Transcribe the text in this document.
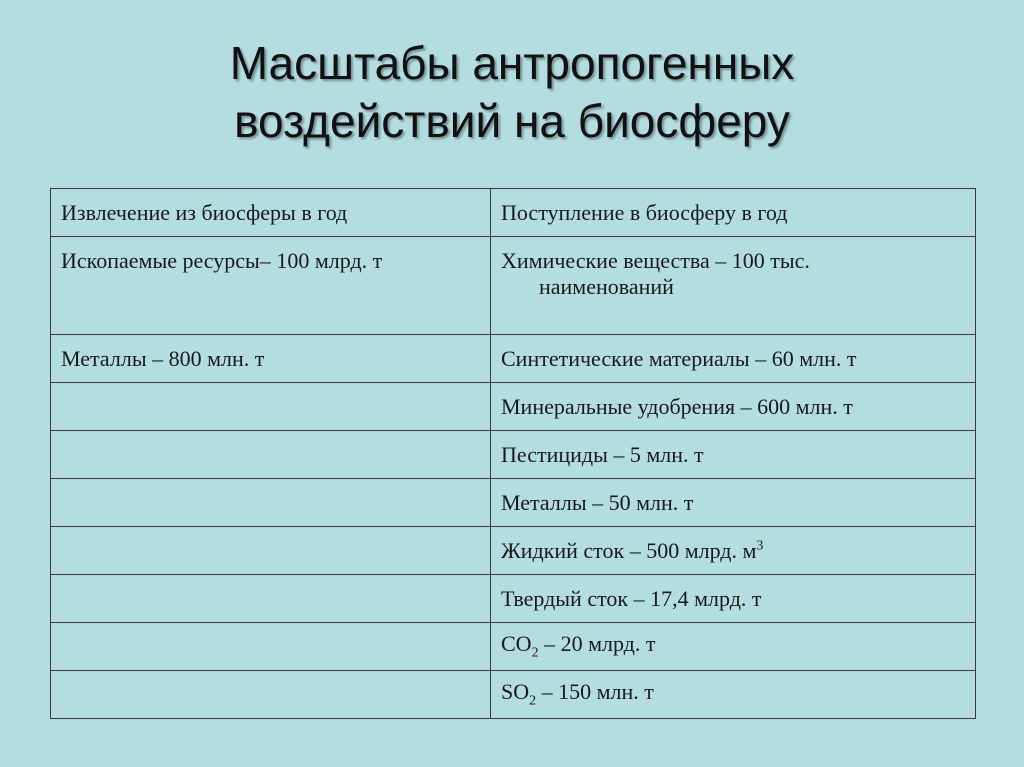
Масштабы антропогенных
воздействий на биосферу
Извлечение из биосферы в год	Поступление в биосферу в год
Ископаемые ресурсы– 100 млрд. т	Химические вещества – 100 тыс.
наименований

Металлы – 800 млн. т	Синтетические материалы – 60 млн. т
	Минеральные удобрения – 600 млн. т
	Пестициды – 5 млн. т
	Металлы – 50 млн. т
	Жидкий сток – 500 млрд. $м^3$
	Твердый сток – 17,4 млрд. т
	$CO_2 - 20$ млрд. т
	$SO_2 - 150$ млн. т
